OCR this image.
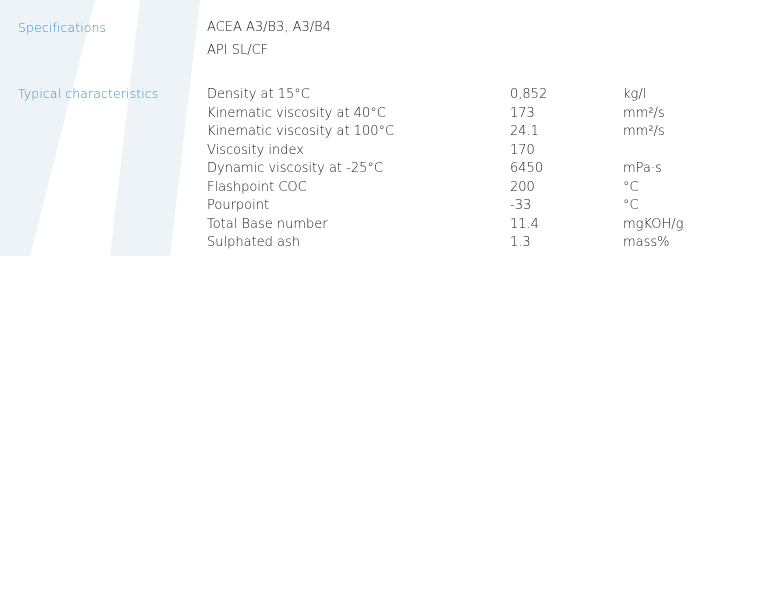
Specifications	ACEA A3/B3, A3/B4
API SL/CF
Typical characteristics	Density at 15°C	0,852	kg/l
Kinematic viscosity at 40°C	173	mm²/s
Kinematic viscosity at 100°C	24.1	mm²/s
Viscosity index	170
Dynamic viscosity at -25°C	6450	mPa·s
Flashpoint COC	200	°C
Pourpoint	-33	°C
Total Base number	11.4	mgKOH/g
Sulphated ash	1.3	mass%
